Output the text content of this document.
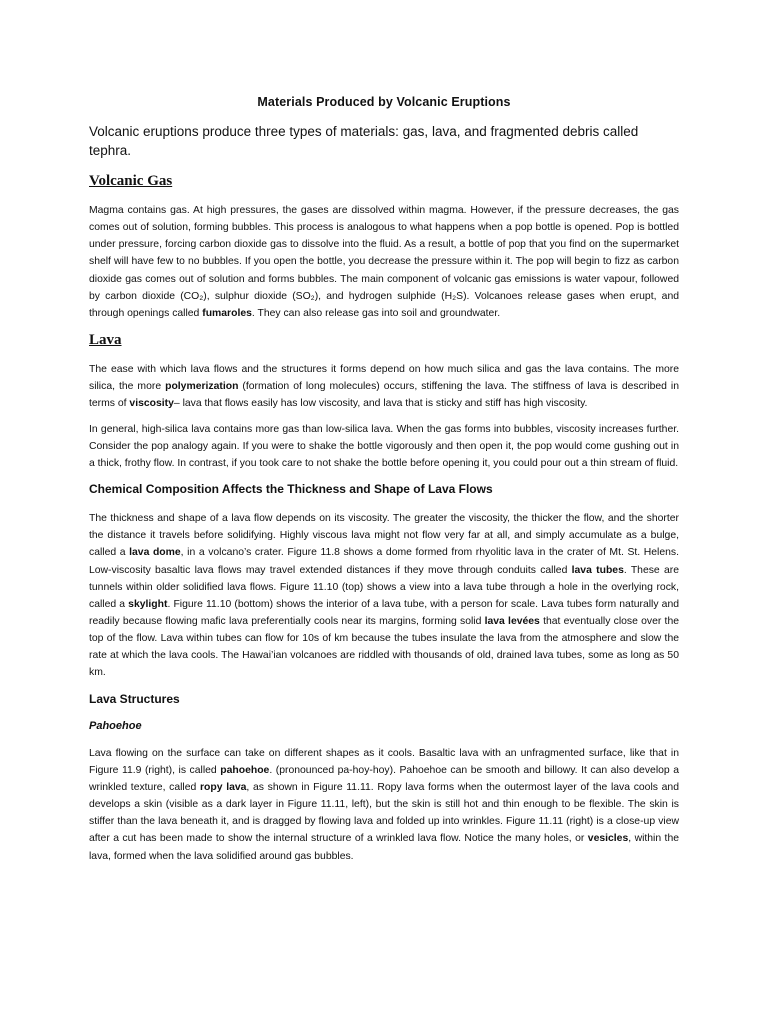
Materials Produced by Volcanic Eruptions
Volcanic eruptions produce three types of materials: gas, lava, and fragmented debris called tephra.
Volcanic Gas
Magma contains gas. At high pressures, the gases are dissolved within magma. However, if the pressure decreases, the gas comes out of solution, forming bubbles. This process is analogous to what happens when a pop bottle is opened. Pop is bottled under pressure, forcing carbon dioxide gas to dissolve into the fluid. As a result, a bottle of pop that you find on the supermarket shelf will have few to no bubbles. If you open the bottle, you decrease the pressure within it. The pop will begin to fizz as carbon dioxide gas comes out of solution and forms bubbles. The main component of volcanic gas emissions is water vapour, followed by carbon dioxide (CO₂), sulphur dioxide (SO₂), and hydrogen sulphide (H₂S). Volcanoes release gases when erupt, and through openings called fumaroles. They can also release gas into soil and groundwater.
Lava
The ease with which lava flows and the structures it forms depend on how much silica and gas the lava contains. The more silica, the more polymerization (formation of long molecules) occurs, stiffening the lava. The stiffness of lava is described in terms of viscosity– lava that flows easily has low viscosity, and lava that is sticky and stiff has high viscosity.
In general, high-silica lava contains more gas than low-silica lava. When the gas forms into bubbles, viscosity increases further. Consider the pop analogy again. If you were to shake the bottle vigorously and then open it, the pop would come gushing out in a thick, frothy flow. In contrast, if you took care to not shake the bottle before opening it, you could pour out a thin stream of fluid.
Chemical Composition Affects the Thickness and Shape of Lava Flows
The thickness and shape of a lava flow depends on its viscosity. The greater the viscosity, the thicker the flow, and the shorter the distance it travels before solidifying. Highly viscous lava might not flow very far at all, and simply accumulate as a bulge, called a lava dome, in a volcano’s crater. Figure 11.8 shows a dome formed from rhyolitic lava in the crater of Mt. St. Helens. Low-viscosity basaltic lava flows may travel extended distances if they move through conduits called lava tubes. These are tunnels within older solidified lava flows. Figure 11.10 (top) shows a view into a lava tube through a hole in the overlying rock, called a skylight. Figure 11.10 (bottom) shows the interior of a lava tube, with a person for scale. Lava tubes form naturally and readily because flowing mafic lava preferentially cools near its margins, forming solid lava levées that eventually close over the top of the flow. Lava within tubes can flow for 10s of km because the tubes insulate the lava from the atmosphere and slow the rate at which the lava cools. The Hawai’ian volcanoes are riddled with thousands of old, drained lava tubes, some as long as 50 km.
Lava Structures
Pahoehoe
Lava flowing on the surface can take on different shapes as it cools. Basaltic lava with an unfragmented surface, like that in Figure 11.9 (right), is called pahoehoe. (pronounced pa-hoy-hoy). Pahoehoe can be smooth and billowy. It can also develop a wrinkled texture, called ropy lava, as shown in Figure 11.11. Ropy lava forms when the outermost layer of the lava cools and develops a skin (visible as a dark layer in Figure 11.11, left), but the skin is still hot and thin enough to be flexible. The skin is stiffer than the lava beneath it, and is dragged by flowing lava and folded up into wrinkles. Figure 11.11 (right) is a close-up view after a cut has been made to show the internal structure of a wrinkled lava flow. Notice the many holes, or vesicles, within the lava, formed when the lava solidified around gas bubbles.
